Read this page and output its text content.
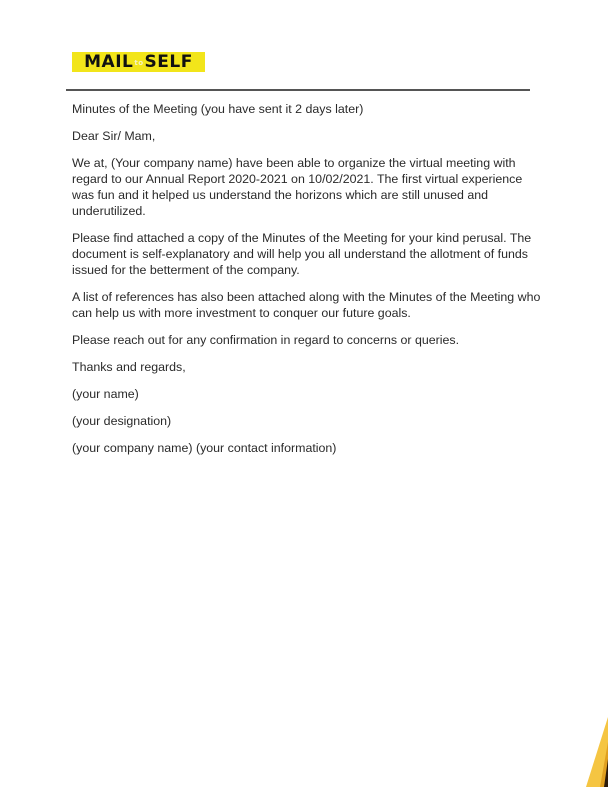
MAIL to SELF

Minutes of the Meeting (you have sent it 2 days later)

Dear Sir/ Mam,

We at, (Your company name) have been able to organize the virtual meeting with regard to our Annual Report 2020-2021 on 10/02/2021. The first virtual experience was fun and it helped us understand the horizons which are still unused and underutilized.

Please find attached a copy of the Minutes of the Meeting for your kind perusal. The document is self-explanatory and will help you all understand the allotment of funds issued for the betterment of the company.

A list of references has also been attached along with the Minutes of the Meeting who can help us with more investment to conquer our future goals.

Please reach out for any confirmation in regard to concerns or queries.

Thanks and regards,

(your name)

(your designation)

(your company name) (your contact information)
